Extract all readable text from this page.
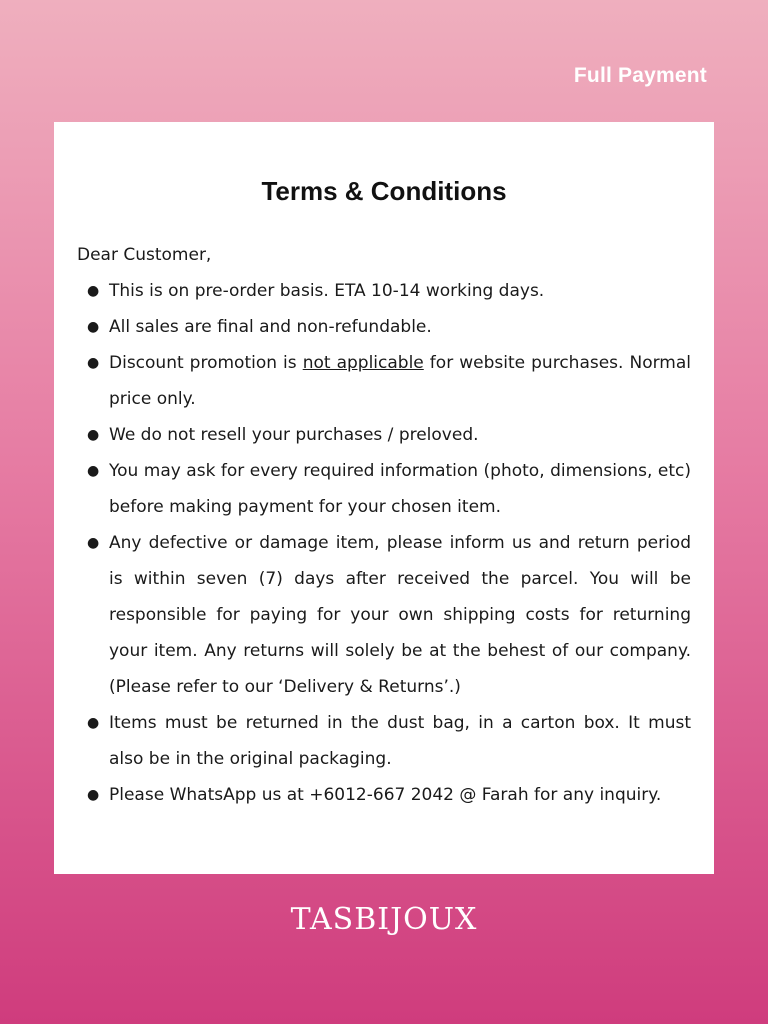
Full Payment
Terms & Conditions
Dear Customer,
● This is on pre-order basis. ETA 10-14 working days.
● All sales are final and non-refundable.
● Discount promotion is not applicable for website purchases. Normal price only.
● We do not resell your purchases / preloved.
● You may ask for every required information (photo, dimensions, etc) before making payment for your chosen item.
● Any defective or damage item, please inform us and return period is within seven (7) days after received the parcel. You will be responsible for paying for your own shipping costs for returning your item. Any returns will solely be at the behest of our company. (Please refer to our ‘Delivery & Returns’.)
● Items must be returned in the dust bag, in a carton box. It must also be in the original packaging.
● Please WhatsApp us at +6012-667 2042 @ Farah for any inquiry.
TASBIJOUX
